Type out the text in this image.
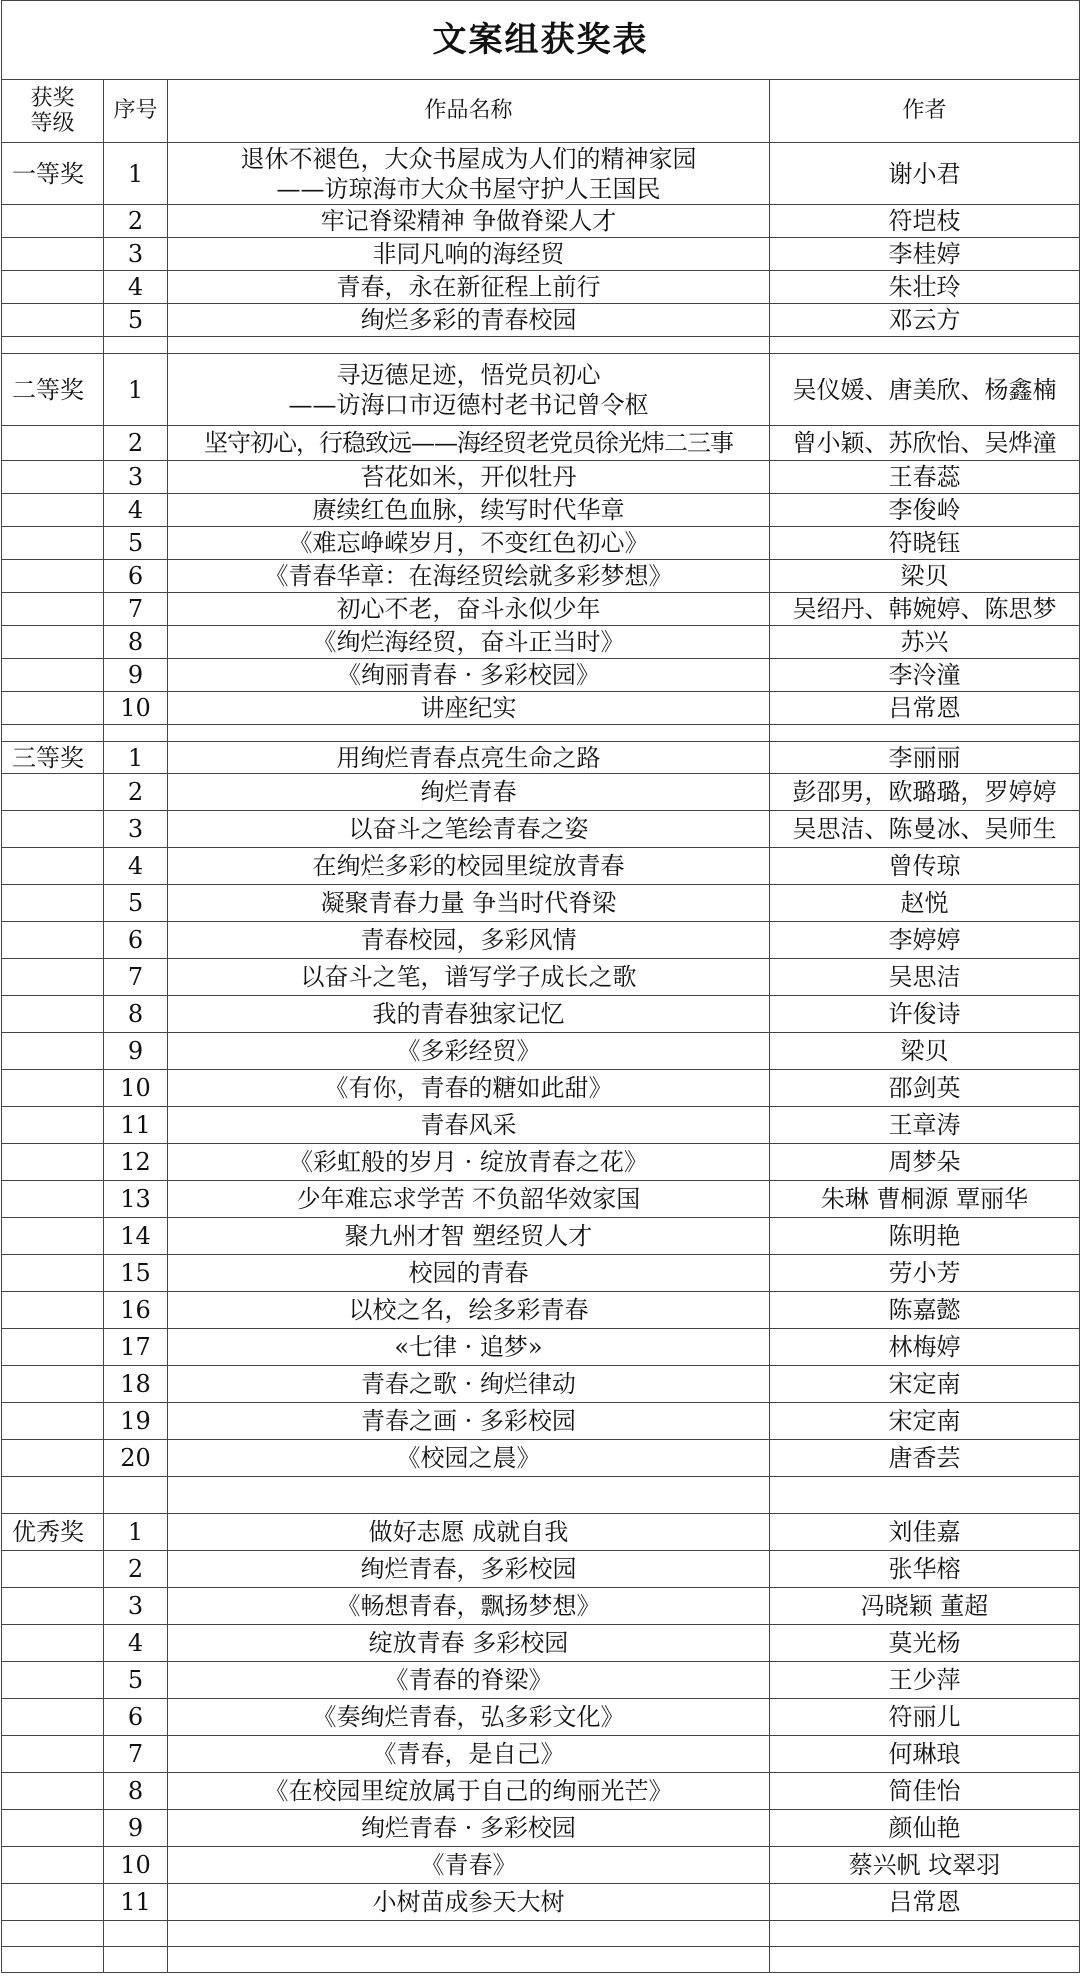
文案组获奖表			

获奖
等级	序号	作品名称	作者
一等奖	1	退休不褪色，大众书屋成为人们的精神家园
——访琼海市大众书屋守护人王国民	谢小君
	2	牢记脊梁精神 争做脊梁人才	符垲枝
	3	非同凡响的海经贸	李桂婷
	4	青春，永在新征程上前行	朱壮玲
	5	绚烂多彩的青春校园	邓云方

二等奖	1	寻迈德足迹，悟党员初心
——访海口市迈德村老书记曾令枢	吴仪媛、唐美欣、杨鑫楠
	2	坚守初心，行稳致远——海经贸老党员徐光炜二三事	曾小颖、苏欣怡、吴烨潼
	3	苔花如米，开似牡丹	王春蕊
	4	赓续红色血脉，续写时代华章	李俊岭
	5	《难忘峥嵘岁月，不变红色初心》	符晓钰
	6	《青春华章：在海经贸绘就多彩梦想》	梁贝
	7	初心不老，奋斗永似少年	吴绍丹、韩婉婷、陈思梦
	8	《绚烂海经贸，奋斗正当时》	苏兴
	9	《绚丽青春 · 多彩校园》	李泠潼
	10	讲座纪实	吕常恩

三等奖	1	用绚烂青春点亮生命之路	李丽丽
	2	绚烂青春	彭邵男，欧璐璐，罗婷婷
	3	以奋斗之笔绘青春之姿	吴思洁、陈曼冰、吴师生
	4	在绚烂多彩的校园里绽放青春	曾传琼
	5	凝聚青春力量 争当时代脊梁	赵悦
	6	青春校园，多彩风情	李婷婷
	7	以奋斗之笔，谱写学子成长之歌	吴思洁
	8	我的青春独家记忆	许俊诗
	9	《多彩经贸》	梁贝
	10	《有你，青春的糖如此甜》	邵剑英
	11	青春风采	王章涛
	12	《彩虹般的岁月 · 绽放青春之花》	周梦朵
	13	少年难忘求学苦 不负韶华效家国	朱琳 曹桐源 覃丽华
	14	聚九州才智 塑经贸人才	陈明艳
	15	校园的青春	劳小芳
	16	以校之名，绘多彩青春	陈嘉懿
	17	«七律 · 追梦»	林梅婷
	18	青春之歌 · 绚烂律动	宋定南
	19	青春之画 · 多彩校园	宋定南
	20	《校园之晨》	唐香芸

优秀奖	1	做好志愿 成就自我	刘佳嘉
	2	绚烂青春，多彩校园	张华榕
	3	《畅想青春，飘扬梦想》	冯晓颖 董超
	4	绽放青春 多彩校园	莫光杨
	5	《青春的脊梁》	王少萍
	6	《奏绚烂青春，弘多彩文化》	符丽儿
	7	《青春，是自己》	何琳琅
	8	《在校园里绽放属于自己的绚丽光芒》	简佳怡
	9	绚烂青春 · 多彩校园	颜仙艳
	10	《青春》	蔡兴帆 坟翠羽
	11	小树苗成参天大树	吕常恩
